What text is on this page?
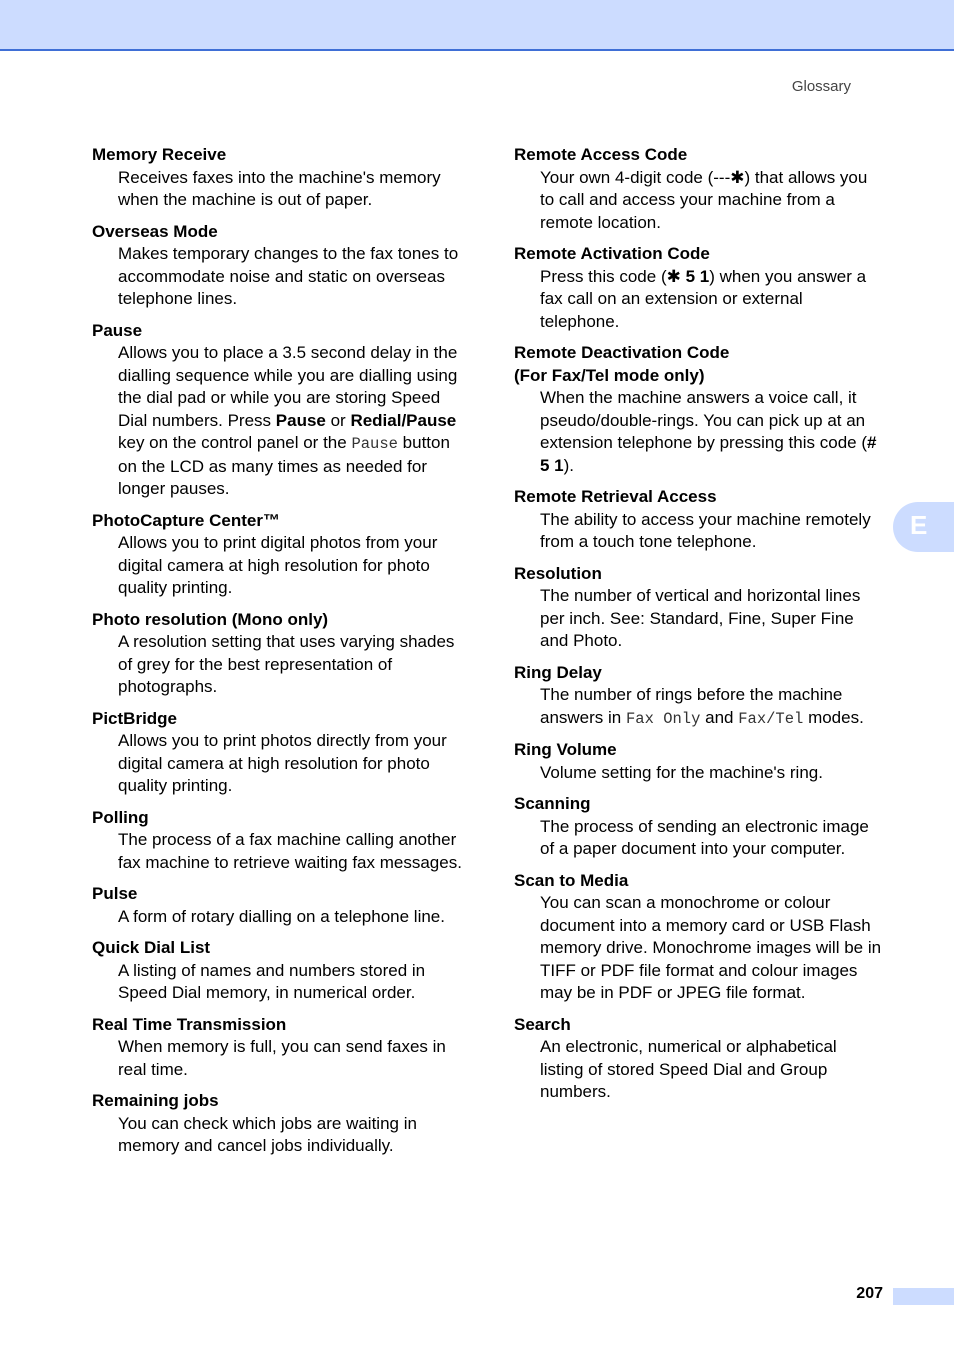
Glossary
Memory Receive
Receives faxes into the machine's memory when the machine is out of paper.
Overseas Mode
Makes temporary changes to the fax tones to accommodate noise and static on overseas telephone lines.
Pause
Allows you to place a 3.5 second delay in the dialling sequence while you are dialling using the dial pad or while you are storing Speed Dial numbers. Press Pause or Redial/Pause key on the control panel or the Pause button on the LCD as many times as needed for longer pauses.
PhotoCapture Center™
Allows you to print digital photos from your digital camera at high resolution for photo quality printing.
Photo resolution (Mono only)
A resolution setting that uses varying shades of grey for the best representation of photographs.
PictBridge
Allows you to print photos directly from your digital camera at high resolution for photo quality printing.
Polling
The process of a fax machine calling another fax machine to retrieve waiting fax messages.
Pulse
A form of rotary dialling on a telephone line.
Quick Dial List
A listing of names and numbers stored in Speed Dial memory, in numerical order.
Real Time Transmission
When memory is full, you can send faxes in real time.
Remaining jobs
You can check which jobs are waiting in memory and cancel jobs individually.
Remote Access Code
Your own 4-digit code (---✱) that allows you to call and access your machine from a remote location.
Remote Activation Code
Press this code (✱ 5 1) when you answer a fax call on an extension or external telephone.
Remote Deactivation Code
(For Fax/Tel mode only)
When the machine answers a voice call, it pseudo/double-rings. You can pick up at an extension telephone by pressing this code (# 5 1).
Remote Retrieval Access
The ability to access your machine remotely from a touch tone telephone.
Resolution
The number of vertical and horizontal lines per inch. See: Standard, Fine, Super Fine and Photo.
Ring Delay
The number of rings before the machine answers in Fax Only and Fax/Tel modes.
Ring Volume
Volume setting for the machine's ring.
Scanning
The process of sending an electronic image of a paper document into your computer.
Scan to Media
You can scan a monochrome or colour document into a memory card or USB Flash memory drive. Monochrome images will be in TIFF or PDF file format and colour images may be in PDF or JPEG file format.
Search
An electronic, numerical or alphabetical listing of stored Speed Dial and Group numbers.
E
207
